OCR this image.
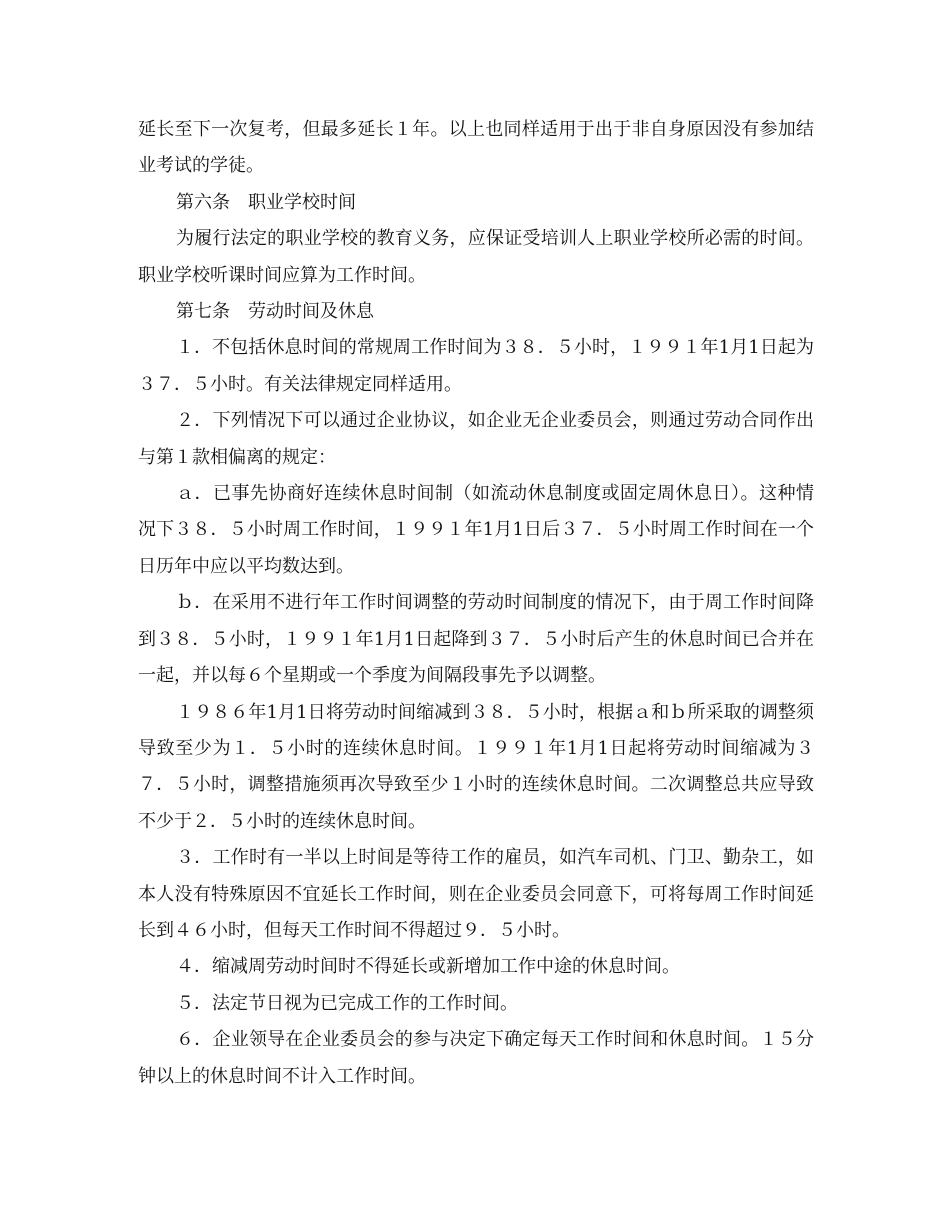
延长至下一次复考，但最多延长１年。以上也同样适用于出于非自身原因没有参加结业考试的学徒。

第六条　职业学校时间

为履行法定的职业学校的教育义务，应保证受培训人上职业学校所必需的时间。职业学校听课时间应算为工作时间。

第七条　劳动时间及休息

１．不包括休息时间的常规周工作时间为３８．５小时，１９９１年1月1日起为３７．５小时。有关法律规定同样适用。

２．下列情况下可以通过企业协议，如企业无企业委员会，则通过劳动合同作出与第１款相偏离的规定：

ａ．已事先协商好连续休息时间制（如流动休息制度或固定周休息日）。这种情况下３８．５小时周工作时间，１９９１年1月1日后３７．５小时周工作时间在一个日历年中应以平均数达到。

ｂ．在采用不进行年工作时间调整的劳动时间制度的情况下，由于周工作时间降到３８．５小时，１９９１年1月1日起降到３７．５小时后产生的休息时间已合并在一起，并以每６个星期或一个季度为间隔段事先予以调整。

１９８６年1月1日将劳动时间缩减到３８．５小时，根据ａ和ｂ所采取的调整须导致至少为１．５小时的连续休息时间。１９９１年1月1日起将劳动时间缩减为３７．５小时，调整措施须再次导致至少１小时的连续休息时间。二次调整总共应导致不少于２．５小时的连续休息时间。

３．工作时有一半以上时间是等待工作的雇员，如汽车司机、门卫、勤杂工，如本人没有特殊原因不宜延长工作时间，则在企业委员会同意下，可将每周工作时间延长到４６小时，但每天工作时间不得超过９．５小时。

４．缩减周劳动时间时不得延长或新增加工作中途的休息时间。

５．法定节日视为已完成工作的工作时间。

６．企业领导在企业委员会的参与决定下确定每天工作时间和休息时间。１５分钟以上的休息时间不计入工作时间。
